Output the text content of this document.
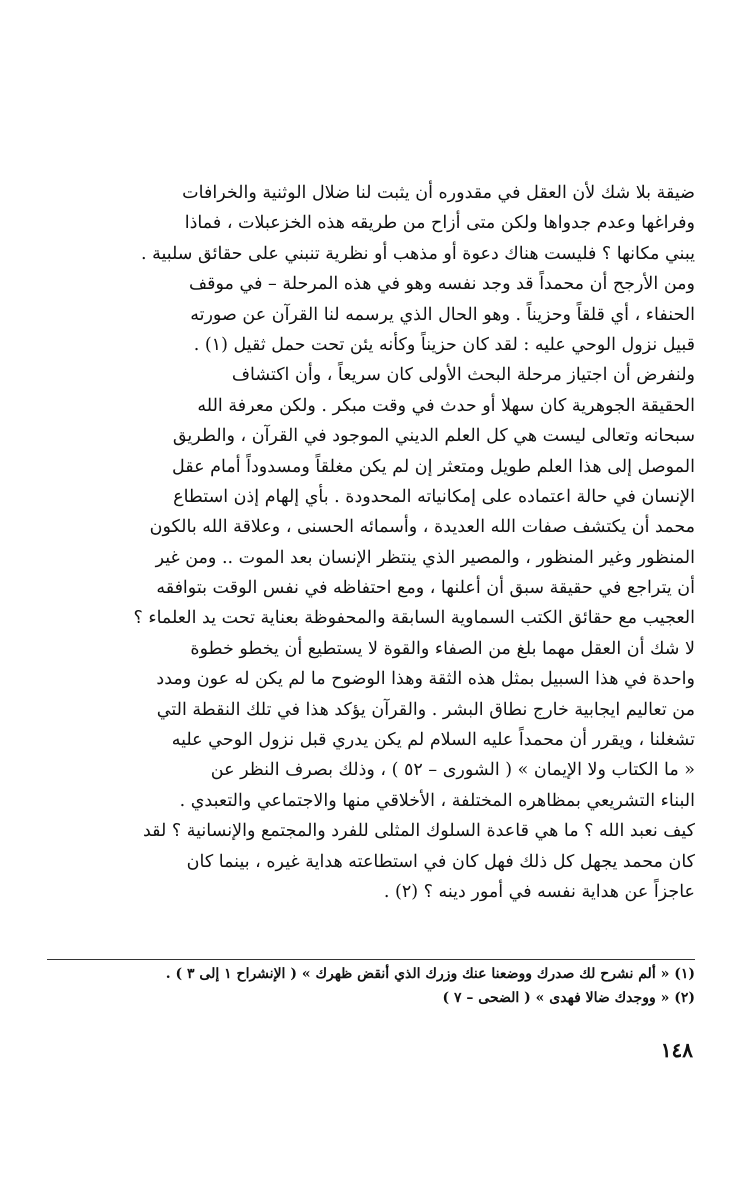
ضيقة بلا شك لأن العقل في مقدوره أن يثبت لنا ضلال الوثنية والخرافات
وفراغها وعدم جدواها ولكن متى أزاح من طريقه هذه الخزعبلات ، فماذا
يبني مكانها ؟ فليست هناك دعوة أو مذهب أو نظرية تنبني على حقائق سلبية .
ومن الأرجح أن محمداً قد وجد نفسه وهو في هذه المرحلة – في موقف
الحنفاء ، أي قلقاً وحزيناً . وهو الحال الذي يرسمه لنا القرآن عن صورته
قبيل نزول الوحي عليه : لقد كان حزيناً وكأنه يئن تحت حمل ثقيل (١) .
ولنفرض أن اجتياز مرحلة البحث الأولى كان سريعاً ، وأن اكتشاف
الحقيقة الجوهرية كان سهلا أو حدث في وقت مبكر . ولكن معرفة الله
سبحانه وتعالى ليست هي كل العلم الديني الموجود في القرآن ، والطريق
الموصل إلى هذا العلم طويل ومتعثر إن لم يكن مغلقاً ومسدوداً أمام عقل
الإنسان في حالة اعتماده على إمكانياته المحدودة . بأي إلهام إذن استطاع
محمد أن يكتشف صفات الله العديدة ، وأسمائه الحسنى ، وعلاقة الله بالكون
المنظور وغير المنظور ، والمصير الذي ينتظر الإنسان بعد الموت .. ومن غير
أن يتراجع في حقيقة سبق أن أعلنها ، ومع احتفاظه في نفس الوقت بتوافقه
العجيب مع حقائق الكتب السماوية السابقة والمحفوظة بعناية تحت يد العلماء ؟
لا شك أن العقل مهما بلغ من الصفاء والقوة لا يستطيع أن يخطو خطوة
واحدة في هذا السبيل بمثل هذه الثقة وهذا الوضوح ما لم يكن له عون ومدد
من تعاليم ايجابية خارج نطاق البشر . والقرآن يؤكد هذا في تلك النقطة التي
تشغلنا ، ويقرر أن محمداً عليه السلام لم يكن يدري قبل نزول الوحي عليه
« ما الكتاب ولا الإيمان » ( الشورى – ٥٢ ) ، وذلك بصرف النظر عن
البناء التشريعي بمظاهره المختلفة ، الأخلاقي منها والاجتماعي والتعبدي .
كيف نعبد الله ؟ ما هي قاعدة السلوك المثلى للفرد والمجتمع والإنسانية ؟ لقد
كان محمد يجهل كل ذلك فهل كان في استطاعته هداية غيره ، بينما كان
عاجزاً عن هداية نفسه في أمور دينه ؟ (٢) .
(١) « ألم نشرح لك صدرك ووضعنا عنك وزرك الذي أنقض ظهرك » ( الإنشراح ١ إلى ٣ ) .
(٢) « ووجدك ضالا فهدى » ( الضحى – ٧ )
١٤٨
